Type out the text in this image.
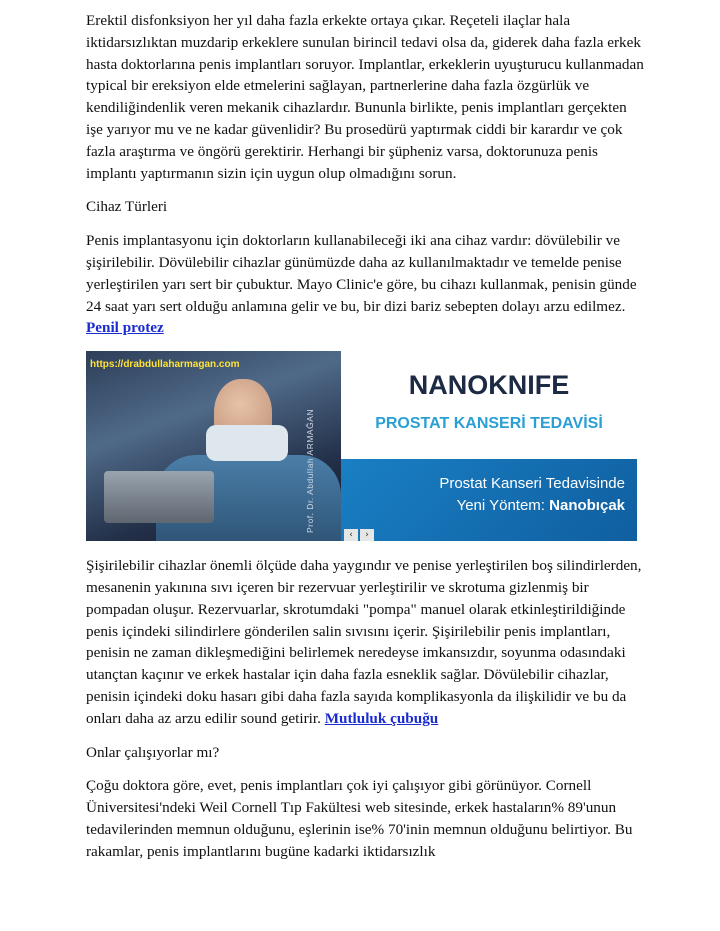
Erektil disfonksiyon her yıl daha fazla erkekte ortaya çıkar. Reçeteli ilaçlar hala iktidarsızlıktan muzdarip erkeklere sunulan birincil tedavi olsa da, giderek daha fazla erkek hasta doktorlarına penis implantları soruyor. Implantlar, erkeklerin uyuşturucu kullanmadan typical bir ereksiyon elde etmelerini sağlayan, partnerlerine daha fazla özgürlük ve kendiliğindenlik veren mekanik cihazlardır. Bununla birlikte, penis implantları gerçekten işe yarıyor mu ve ne kadar güvenlidir? Bu prosedürü yaptırmak ciddi bir karardır ve çok fazla araştırma ve öngörü gerektirir. Herhangi bir şüpheniz varsa, doktorunuza penis implantı yaptırmanın sizin için uygun olup olmadığını sorun.

Cihaz Türleri

Penis implantasyonu için doktorların kullanabileceği iki ana cihaz vardır: dövülebilir ve şişirilebilir. Dövülebilir cihazlar günümüzde daha az kullanılmaktadır ve temelde penise yerleştirilen yarı sert bir çubuktur. Mayo Clinic'e göre, bu cihazı kullanmak, penisin günde 24 saat yarı sert olduğu anlamına gelir ve bu, bir dizi bariz sebepten dolayı arzu edilmez. Penil protez

Prof. Dr. Abdullah ARMAĞAN
https://drabdullaharmagan.com
NANOKNIFE
PROSTAT KANSERİ TEDAVİSİ
Prostat Kanseri Tedavisinde
Yeni Yöntem: Nanobıçak
‹	›

Şişirilebilir cihazlar önemli ölçüde daha yaygındır ve penise yerleştirilen boş silindirlerden, mesanenin yakınına sıvı içeren bir rezervuar yerleştirilir ve skrotuma gizlenmiş bir pompadan oluşur. Rezervuarlar, skrotumdaki "pompa" manuel olarak etkinleştirildiğinde penis içindeki silindirlere gönderilen salin sıvısını içerir. Şişirilebilir penis implantları, penisin ne zaman dikleşmediğini belirlemek neredeyse imkansızdır, soyunma odasındaki utançtan kaçınır ve erkek hastalar için daha fazla esneklik sağlar. Dövülebilir cihazlar, penisin içindeki doku hasarı gibi daha fazla sayıda komplikasyonla da ilişkilidir ve bu da onları daha az arzu edilir sound getirir. Mutluluk çubuğu

Onlar çalışıyorlar mı?

Çoğu doktora göre, evet, penis implantları çok iyi çalışıyor gibi görünüyor. Cornell Üniversitesi'ndeki Weil Cornell Tıp Fakültesi web sitesinde, erkek hastaların% 89'unun tedavilerinden memnun olduğunu, eşlerinin ise% 70'inin memnun olduğunu belirtiyor. Bu rakamlar, penis implantlarını bugüne kadarki iktidarsızlık
